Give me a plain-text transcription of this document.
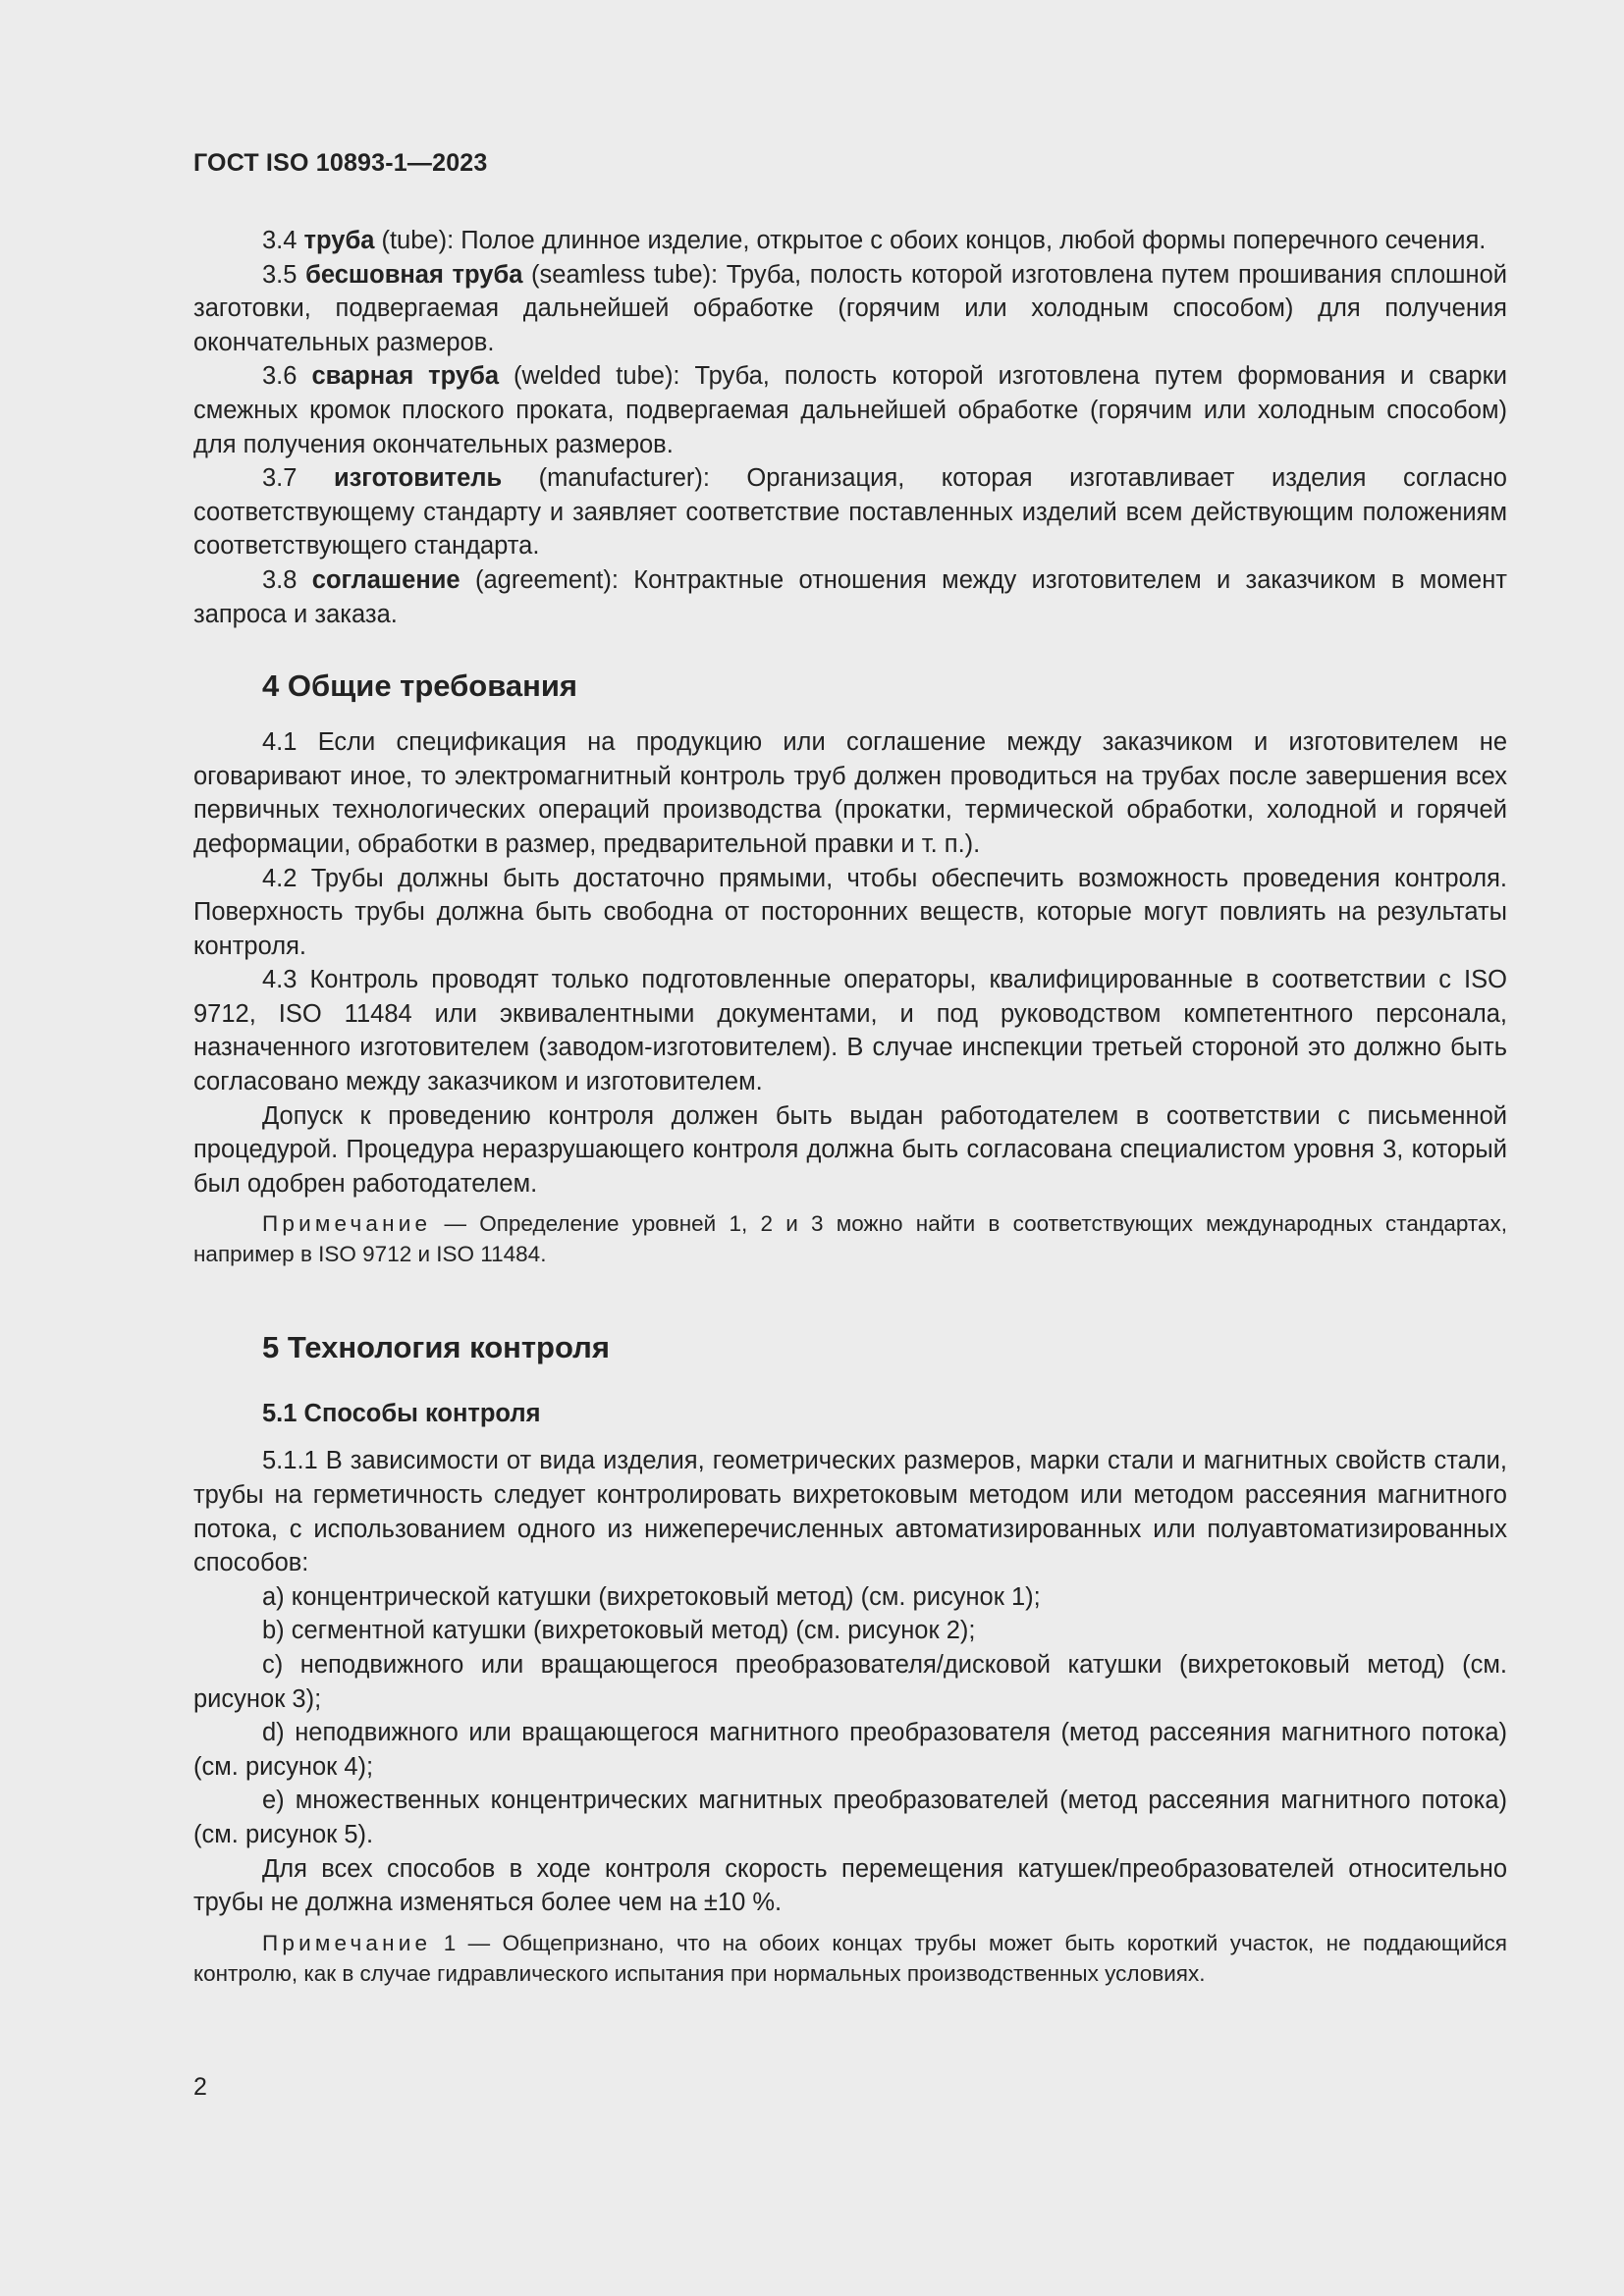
ГОСТ ISO 10893-1—2023

3.4 труба (tube): Полое длинное изделие, открытое с обоих концов, любой формы поперечного сечения.

3.5 бесшовная труба (seamless tube): Труба, полость которой изготовлена путем прошивания сплошной заготовки, подвергаемая дальнейшей обработке (горячим или холодным способом) для получения окончательных размеров.

3.6 сварная труба (welded tube): Труба, полость которой изготовлена путем формования и сварки смежных кромок плоского проката, подвергаемая дальнейшей обработке (горячим или холодным способом) для получения окончательных размеров.

3.7 изготовитель (manufacturer): Организация, которая изготавливает изделия согласно соответствующему стандарту и заявляет соответствие поставленных изделий всем действующим положениям соответствующего стандарта.

3.8 соглашение (agreement): Контрактные отношения между изготовителем и заказчиком в момент запроса и заказа.

4 Общие требования

4.1 Если спецификация на продукцию или соглашение между заказчиком и изготовителем не оговаривают иное, то электромагнитный контроль труб должен проводиться на трубах после завершения всех первичных технологических операций производства (прокатки, термической обработки, холодной и горячей деформации, обработки в размер, предварительной правки и т. п.).

4.2 Трубы должны быть достаточно прямыми, чтобы обеспечить возможность проведения контроля. Поверхность трубы должна быть свободна от посторонних веществ, которые могут повлиять на результаты контроля.

4.3 Контроль проводят только подготовленные операторы, квалифицированные в соответствии с ISO 9712, ISO 11484 или эквивалентными документами, и под руководством компетентного персонала, назначенного изготовителем (заводом-изготовителем). В случае инспекции третьей стороной это должно быть согласовано между заказчиком и изготовителем.

Допуск к проведению контроля должен быть выдан работодателем в соответствии с письменной процедурой. Процедура неразрушающего контроля должна быть согласована специалистом уровня 3, который был одобрен работодателем.

Примечание — Определение уровней 1, 2 и 3 можно найти в соответствующих международных стандартах, например в ISO 9712 и ISO 11484.

5 Технология контроля
5.1 Способы контроля

5.1.1 В зависимости от вида изделия, геометрических размеров, марки стали и магнитных свойств стали, трубы на герметичность следует контролировать вихретоковым методом или методом рассеяния магнитного потока, с использованием одного из нижеперечисленных автоматизированных или полуавтоматизированных способов:

a) концентрической катушки (вихретоковый метод) (см. рисунок 1);

b) сегментной катушки (вихретоковый метод) (см. рисунок 2);

c) неподвижного или вращающегося преобразователя/дисковой катушки (вихретоковый метод) (см. рисунок 3);

d) неподвижного или вращающегося магнитного преобразователя (метод рассеяния магнитного потока) (см. рисунок 4);

e) множественных концентрических магнитных преобразователей (метод рассеяния магнитного потока) (см. рисунок 5).

Для всех способов в ходе контроля скорость перемещения катушек/преобразователей относительно трубы не должна изменяться более чем на ±10 %.

Примечание 1 — Общепризнано, что на обоих концах трубы может быть короткий участок, не поддающийся контролю, как в случае гидравлического испытания при нормальных производственных условиях.

2
